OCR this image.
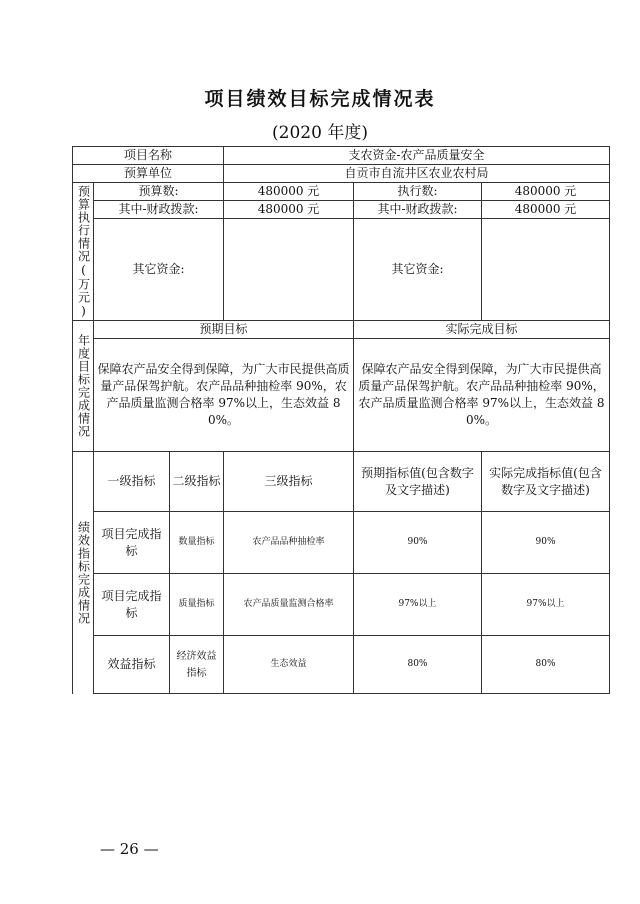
项目绩效目标完成情况表
(2020 年度)
项目名称			支农资金-农产品质量安全		
预算单位			自贡市自流井区农业农村局		
预算执行情况(万元)	预算数:		480000 元	执行数:	480000 元
	其中-财政拨款:		480000 元	其中-财政拨款:	480000 元
	其它资金:			其它资金:	
年度目标完成情况	预期目标			实际完成目标	
	保障农产品安全得到保障，为广大市民提供高质量产品保驾护航。农产品品种抽检率 90%，农产品质量监测合格率 97%以上，生态效益 80%。			保障农产品安全得到保障，为广大市民提供高质量产品保驾护航。农产品品种抽检率 90%，农产品质量监测合格率 97%以上，生态效益 80%。	
绩效指标完成情况	一级指标	二级指标	三级指标	预期指标值(包含数字及文字描述)	实际完成指标值(包含数字及文字描述)
	项目完成指标	数量指标	农产品品种抽检率	90%	90%
	项目完成指标	质量指标	农产品质量监测合格率	97%以上	97%以上
	效益指标	经济效益指标	生态效益	80%	80%
— 26 —
